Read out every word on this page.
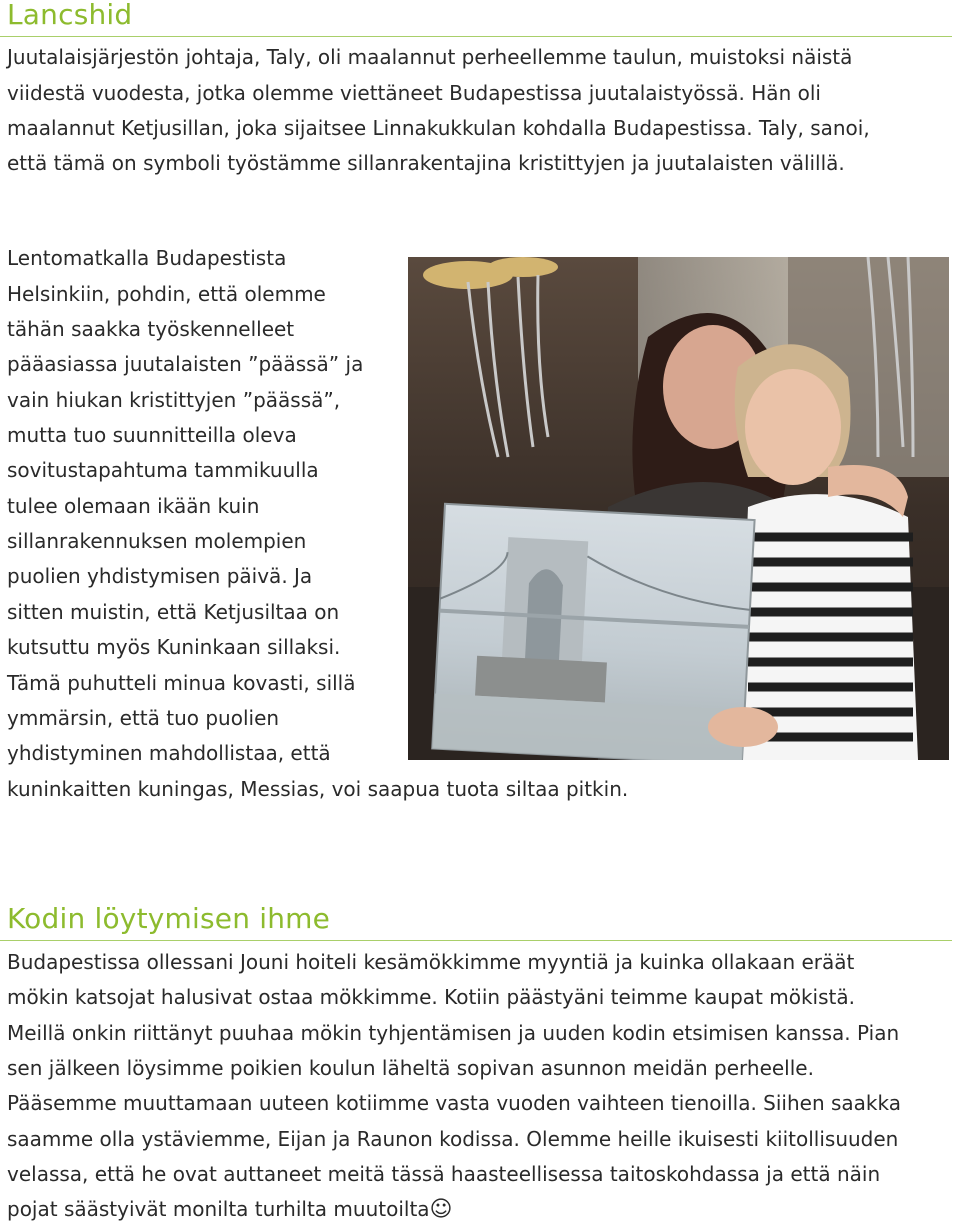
Lancshid
Juutalaisjärjestön johtaja, Taly, oli maalannut perheellemme taulun, muistoksi näistä
viidestä vuodesta, jotka olemme viettäneet Budapestissa juutalaistyössä. Hän oli
maalannut Ketjusillan, joka sijaitsee Linnakukkulan kohdalla Budapestissa. Taly, sanoi,
että tämä on symboli työstämme sillanrakentajina kristittyjen ja juutalaisten välillä.
Lentomatkalla Budapestista
Helsinkiin, pohdin, että olemme
tähän saakka työskennelleet
pääasiassa juutalaisten ”päässä” ja
vain hiukan kristittyjen ”päässä”,
mutta tuo suunnitteilla oleva
sovitustapahtuma tammikuulla
tulee olemaan ikään kuin
sillanrakennuksen molempien
puolien yhdistymisen päivä. Ja
sitten muistin, että Ketjusiltaa on
kutsuttu myös Kuninkaan sillaksi.
Tämä puhutteli minua kovasti, sillä
ymmärsin, että tuo puolien
yhdistyminen mahdollistaa, että
kuninkaitten kuningas, Messias, voi saapua tuota siltaa pitkin.
Kodin löytymisen ihme
Budapestissa ollessani Jouni hoiteli kesämökkimme myyntiä ja kuinka ollakaan eräät
mökin katsojat halusivat ostaa mökkimme. Kotiin päästyäni teimme kaupat mökistä.
Meillä onkin riittänyt puuhaa mökin tyhjentämisen ja uuden kodin etsimisen kanssa. Pian
sen jälkeen löysimme poikien koulun läheltä sopivan asunnon meidän perheelle.
Pääsemme muuttamaan uuteen kotiimme vasta vuoden vaihteen tienoilla. Siihen saakka
saamme olla ystäviemme, Eijan ja Raunon kodissa. Olemme heille ikuisesti kiitollisuuden
velassa, että he ovat auttaneet meitä tässä haasteellisessa taitoskohdassa ja että näin
pojat säästyivät monilta turhilta muutoilta☺
